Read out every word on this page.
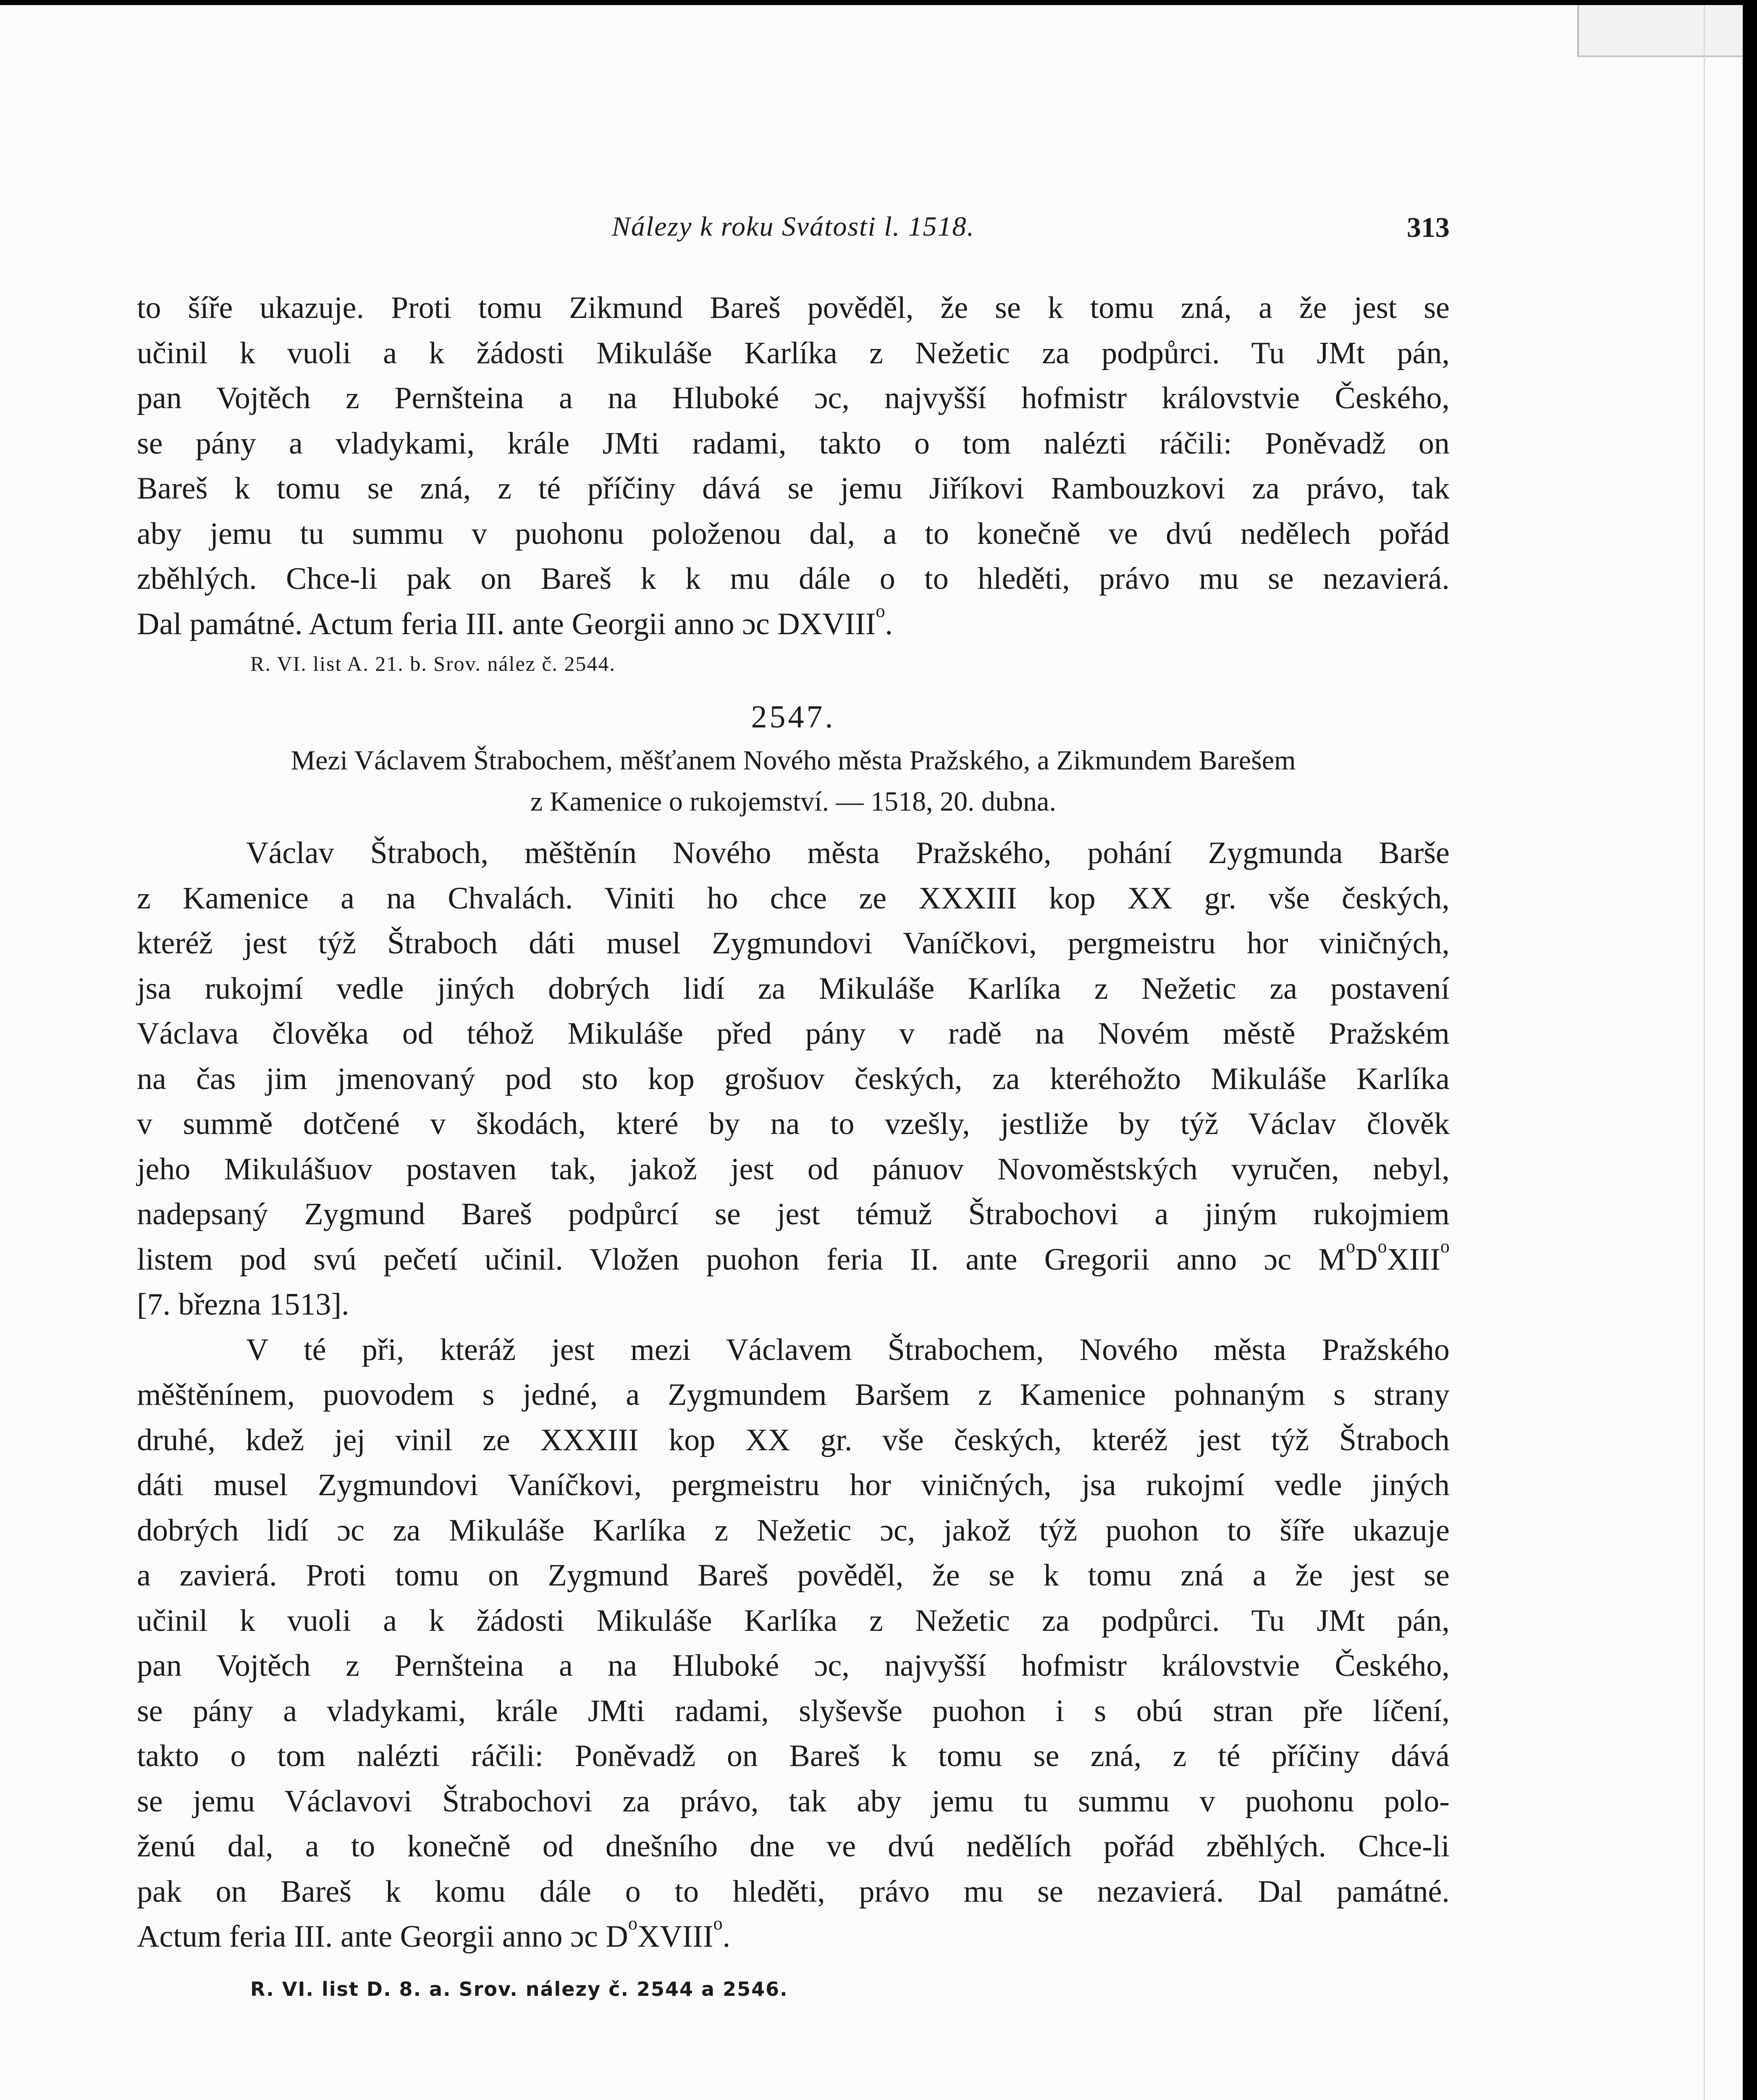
Nálezy k roku Svátosti l. 1518.	313

to šíře ukazuje. Proti tomu Zikmund Bareš pověděl, že se k tomu zná, a že jest se
učinil k vuoli a k žádosti Mikuláše Karlíka z Nežetic za podpůrci. Tu JMt pán,
pan Vojtěch z Pernšteina a na Hluboké ɔc, najvyšší hofmistr královstvie Českého,
se pány a vladykami, krále JMti radami, takto o tom nalézti ráčili: Poněvadž on
Bareš k tomu se zná, z té příčiny dává se jemu Jiříkovi Rambouzkovi za právo, tak
aby jemu tu summu v puohonu položenou dal, a to konečně ve dvú nedělech pořád
zběhlých. Chce-li pak on Bareš k k mu dále o to hleděti, právo mu se nezavierá.
Dal památné. Actum feria III. ante Georgii anno ɔc DXVIII$^o$.

R. VI. list A. 21. b. Srov. nález č. 2544.

2547.
Mezi Václavem Štrabochem, měšťanem Nového města Pražského, a Zikmundem Barešem
z Kamenice o rukojemství. — 1518, 20. dubna.

Václav Štraboch, měštěnín Nového města Pražského, pohání Zygmunda Barše
z Kamenice a na Chvalách. Viniti ho chce ze XXXIII kop XX gr. vše českých,
kteréž jest týž Štraboch dáti musel Zygmundovi Vaníčkovi, pergmeistru hor viničných,
jsa rukojmí vedle jiných dobrých lidí za Mikuláše Karlíka z Nežetic za postavení
Václava člověka od téhož Mikuláše před pány v radě na Novém městě Pražském
na čas jim jmenovaný pod sto kop grošuov českých, za kteréhožto Mikuláše Karlíka
v summě dotčené v škodách, které by na to vzešly, jestliže by týž Václav člověk
jeho Mikulášuov postaven tak, jakož jest od pánuov Novoměstských vyručen, nebyl,
nadepsaný Zygmund Bareš podpůrcí se jest témuž Štrabochovi a jiným rukojmiem
listem pod svú pečetí učinil. Vložen puohon feria II. ante Gregorii anno ɔc $M^oD^oXIII^o$
[7. března 1513].

V té při, kteráž jest mezi Václavem Štrabochem, Nového města Pražského
měštěnínem, puovodem s jedné, a Zygmundem Baršem z Kamenice pohnaným s strany
druhé, kdež jej vinil ze XXXIII kop XX gr. vše českých, kteréž jest týž Štraboch
dáti musel Zygmundovi Vaníčkovi, pergmeistru hor viničných, jsa rukojmí vedle jiných
dobrých lidí ɔc za Mikuláše Karlíka z Nežetic ɔc, jakož týž puohon to šíře ukazuje
a zavierá. Proti tomu on Zygmund Bareš pověděl, že se k tomu zná a že jest se
učinil k vuoli a k žádosti Mikuláše Karlíka z Nežetic za podpůrci. Tu JMt pán,
pan Vojtěch z Pernšteina a na Hluboké ɔc, najvyšší hofmistr královstvie Českého,
se pány a vladykami, krále JMti radami, slyševše puohon i s obú stran pře líčení,
takto o tom nalézti ráčili: Poněvadž on Bareš k tomu se zná, z té příčiny dává
se jemu Václavovi Štrabochovi za právo, tak aby jemu tu summu v puohonu polo-
ženú dal, a to konečně od dnešního dne ve dvú nedělích pořád zběhlých. Chce-li
pak on Bareš k komu dále o to hleděti, právo mu se nezavierá. Dal památné.
Actum feria III. ante Georgii anno ɔc $D^oXVIII^o$.

R. VI. list D. 8. a. Srov. nálezy č. 2544 a 2546.
